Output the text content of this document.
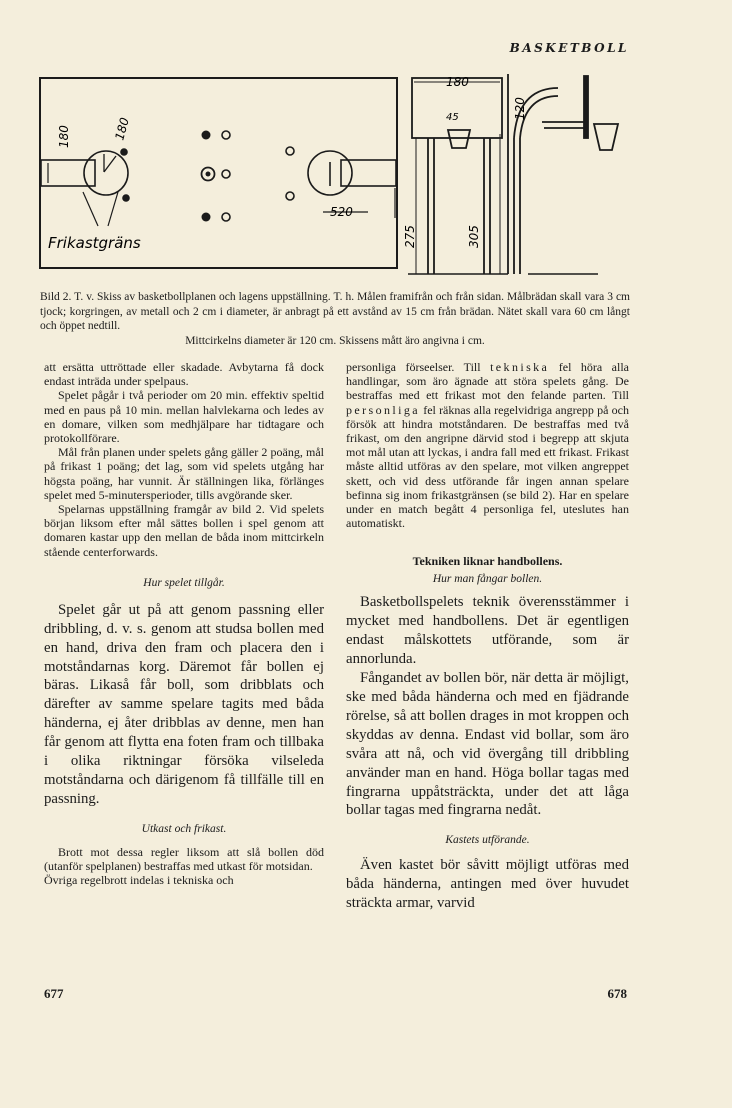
BASKETBOLL
180	180
520
Frikastgräns
180
45
275	305
120
Bild 2. T. v. Skiss av basketbollplanen och lagens uppställning. T. h. Målen framifrån och från sidan. Målbrädan skall vara 3 cm tjock; korgringen, av metall och 2 cm i diameter, är anbragt på ett avstånd av 15 cm från brädan. Nätet skall vara 60 cm långt och öppet nedtill.
Mittcirkelns diameter är 120 cm. Skissens mått äro angivna i cm.

att ersätta uttröttade eller skadade. Avbytarna få dock endast inträda under spelpaus.

Spelet pågår i två perioder om 20 min. effektiv speltid med en paus på 10 min. mellan halvlekarna och ledes av en domare, vilken som medhjälpare har tidtagare och protokollförare.

Mål från planen under spelets gång gäller 2 poäng, mål på frikast 1 poäng; det lag, som vid spelets utgång har högsta poäng, har vunnit. Är ställningen lika, förlänges spelet med 5-minutersperioder, tills avgörande sker.

Spelarnas uppställning framgår av bild 2. Vid spelets början liksom efter mål sättes bollen i spel genom att domaren kastar upp den mellan de båda inom mittcirkeln stående centerforwards.

Hur spelet tillgår.

Spelet går ut på att genom passning eller dribbling, d. v. s. genom att studsa bollen med en hand, driva den fram och placera den i motståndarnas korg. Däremot får bollen ej bäras. Likaså får boll, som dribblats och därefter av samme spelare tagits med båda händerna, ej åter dribblas av denne, men han får genom att flytta ena foten fram och tillbaka i olika riktningar försöka vilseleda motståndarna och därigenom få tillfälle till en passning.

Utkast och frikast.

Brott mot dessa regler liksom att slå bollen död (utanför spelplanen) bestraffas med utkast för motsidan.

Övriga regelbrott indelas i tekniska och

personliga förseelser. Till tekniska fel höra alla handlingar, som äro ägnade att störa spelets gång. De bestraffas med ett frikast mot den felande parten. Till personliga fel räknas alla regelvidriga angrepp på och försök att hindra motståndaren. De bestraffas med två frikast, om den angripne därvid stod i begrepp att skjuta mot mål utan att lyckas, i andra fall med ett frikast. Frikast måste alltid utföras av den spelare, mot vilken angreppet skett, och vid dess utförande får ingen annan spelare befinna sig inom frikastgränsen (se bild 2). Har en spelare under en match begått 4 personliga fel, uteslutes han automatiskt.

Tekniken liknar handbollens.

Hur man fångar bollen.

Basketbollspelets teknik överensstämmer i mycket med handbollens. Det är egentligen endast målskottets utförande, som är annorlunda.

Fångandet av bollen bör, när detta är möjligt, ske med båda händerna och med en fjädrande rörelse, så att bollen drages in mot kroppen och skyddas av denna. Endast vid bollar, som äro svåra att nå, och vid övergång till dribbling använder man en hand. Höga bollar tagas med fingrarna uppåtsträckta, under det att låga bollar tagas med fingrarna nedåt.

Kastets utförande.

Även kastet bör såvitt möjligt utföras med båda händerna, antingen med över huvudet sträckta armar, varvid

677	678
